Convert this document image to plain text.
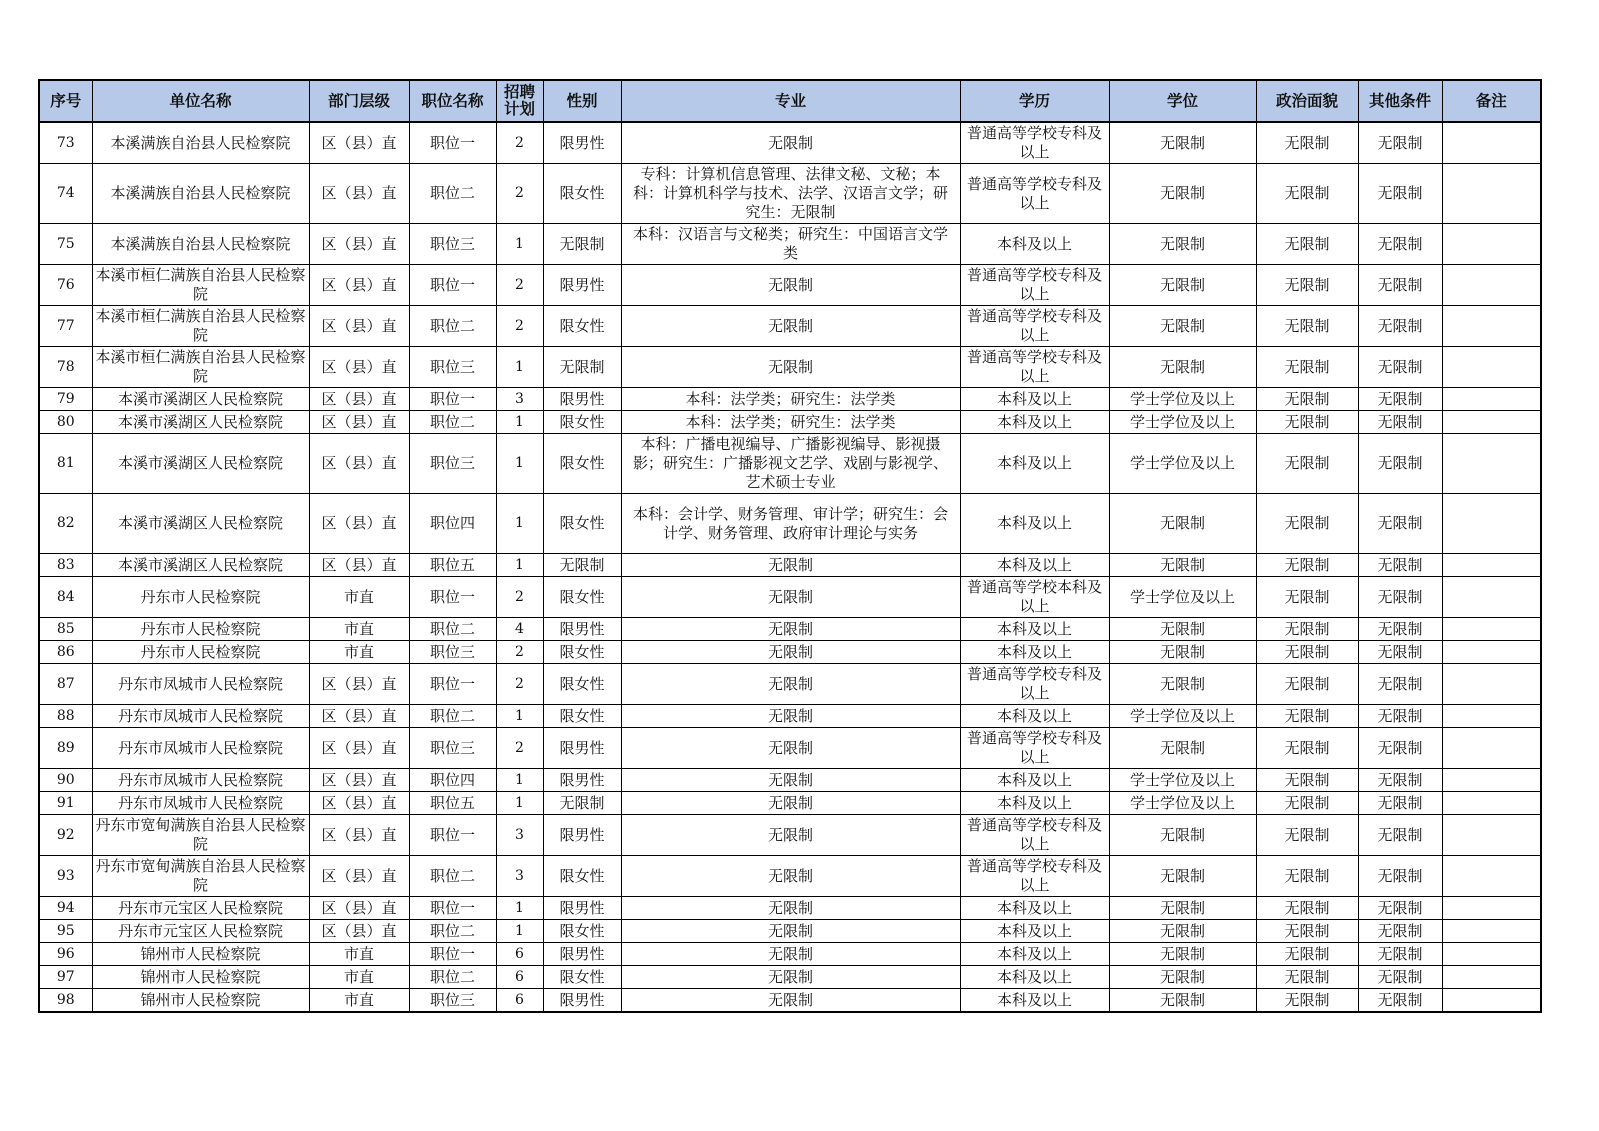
序号	单位名称	部门层级	职位名称	招聘计划	性别	专业	学历	学位	政治面貌	其他条件	备注
73	本溪满族自治县人民检察院	区（县）直	职位一	2	限男性	无限制	普通高等学校专科及以上	无限制	无限制	无限制	
74	本溪满族自治县人民检察院	区（县）直	职位二	2	限女性	专科：计算机信息管理、法律文秘、文秘；本科：计算机科学与技术、法学、汉语言文学；研究生：无限制	普通高等学校专科及以上	无限制	无限制	无限制	
75	本溪满族自治县人民检察院	区（县）直	职位三	1	无限制	本科：汉语言与文秘类；研究生：中国语言文学类	本科及以上	无限制	无限制	无限制	
76	本溪市桓仁满族自治县人民检察院	区（县）直	职位一	2	限男性	无限制	普通高等学校专科及以上	无限制	无限制	无限制	
77	本溪市桓仁满族自治县人民检察院	区（县）直	职位二	2	限女性	无限制	普通高等学校专科及以上	无限制	无限制	无限制	
78	本溪市桓仁满族自治县人民检察院	区（县）直	职位三	1	无限制	无限制	普通高等学校专科及以上	无限制	无限制	无限制	
79	本溪市溪湖区人民检察院	区（县）直	职位一	3	限男性	本科：法学类；研究生：法学类	本科及以上	学士学位及以上	无限制	无限制	
80	本溪市溪湖区人民检察院	区（县）直	职位二	1	限女性	本科：法学类；研究生：法学类	本科及以上	学士学位及以上	无限制	无限制	
81	本溪市溪湖区人民检察院	区（县）直	职位三	1	限女性	本科：广播电视编导、广播影视编导、影视摄影；研究生：广播影视文艺学、戏剧与影视学、艺术硕士专业	本科及以上	学士学位及以上	无限制	无限制	
82	本溪市溪湖区人民检察院	区（县）直	职位四	1	限女性	本科：会计学、财务管理、审计学；研究生：会计学、财务管理、政府审计理论与实务	本科及以上	无限制	无限制	无限制	
83	本溪市溪湖区人民检察院	区（县）直	职位五	1	无限制	无限制	本科及以上	无限制	无限制	无限制	
84	丹东市人民检察院	市直	职位一	2	限女性	无限制	普通高等学校本科及以上	学士学位及以上	无限制	无限制	
85	丹东市人民检察院	市直	职位二	4	限男性	无限制	本科及以上	无限制	无限制	无限制	
86	丹东市人民检察院	市直	职位三	2	限女性	无限制	本科及以上	无限制	无限制	无限制	
87	丹东市凤城市人民检察院	区（县）直	职位一	2	限女性	无限制	普通高等学校专科及以上	无限制	无限制	无限制	
88	丹东市凤城市人民检察院	区（县）直	职位二	1	限女性	无限制	本科及以上	学士学位及以上	无限制	无限制	
89	丹东市凤城市人民检察院	区（县）直	职位三	2	限男性	无限制	普通高等学校专科及以上	无限制	无限制	无限制	
90	丹东市凤城市人民检察院	区（县）直	职位四	1	限男性	无限制	本科及以上	学士学位及以上	无限制	无限制	
91	丹东市凤城市人民检察院	区（县）直	职位五	1	无限制	无限制	本科及以上	学士学位及以上	无限制	无限制	
92	丹东市宽甸满族自治县人民检察院	区（县）直	职位一	3	限男性	无限制	普通高等学校专科及以上	无限制	无限制	无限制	
93	丹东市宽甸满族自治县人民检察院	区（县）直	职位二	3	限女性	无限制	普通高等学校专科及以上	无限制	无限制	无限制	
94	丹东市元宝区人民检察院	区（县）直	职位一	1	限男性	无限制	本科及以上	无限制	无限制	无限制	
95	丹东市元宝区人民检察院	区（县）直	职位二	1	限女性	无限制	本科及以上	无限制	无限制	无限制	
96	锦州市人民检察院	市直	职位一	6	限男性	无限制	本科及以上	无限制	无限制	无限制	
97	锦州市人民检察院	市直	职位二	6	限女性	无限制	本科及以上	无限制	无限制	无限制	
98	锦州市人民检察院	市直	职位三	6	限男性	无限制	本科及以上	无限制	无限制	无限制	
